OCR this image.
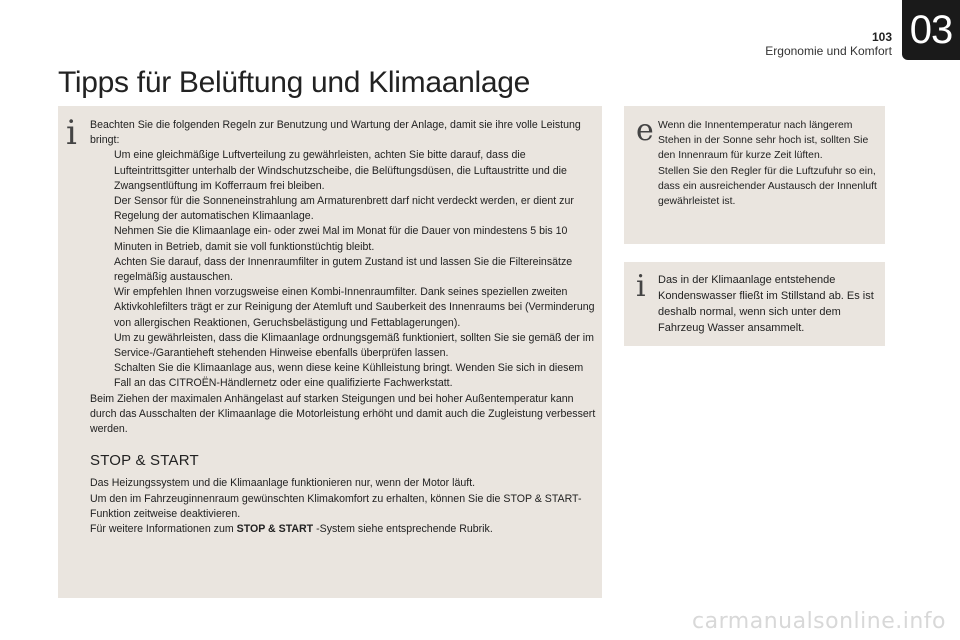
103
Ergonomie und Komfort 03
Tipps für Belüftung und Klimaanlage
i Beachten Sie die folgenden Regeln zur Benutzung und Wartung der Anlage, damit sie ihre volle Leistung bringt:

Um eine gleichmäßige Luftverteilung zu gewährleisten, achten Sie bitte darauf, dass die Lufteintrittsgitter unterhalb der Windschutzscheibe, die Belüftungsdüsen, die Luftaustritte und die Zwangsentlüftung im Kofferraum frei bleiben.
Der Sensor für die Sonneneinstrahlung am Armaturenbrett darf nicht verdeckt werden, er dient zur Regelung der automatischen Klimaanlage.
Nehmen Sie die Klimaanlage ein- oder zwei Mal im Monat für die Dauer von mindestens 5 bis 10 Minuten in Betrieb, damit sie voll funktionstüchtig bleibt.
Achten Sie darauf, dass der Innenraumfilter in gutem Zustand ist und lassen Sie die Filtereinsätze regelmäßig austauschen.
Wir empfehlen Ihnen vorzugsweise einen Kombi-Innenraumfilter. Dank seines speziellen zweiten Aktivkohlefilters trägt er zur Reinigung der Atemluft und Sauberkeit des Innenraums bei (Verminderung von allergischen Reaktionen, Geruchsbelästigung und Fettablagerungen).
Um zu gewährleisten, dass die Klimaanlage ordnungsgemäß funktioniert, sollten Sie sie gemäß der im Service-/Garantieheft stehenden Hinweise ebenfalls überprüfen lassen.
Schalten Sie die Klimaanlage aus, wenn diese keine Kühlleistung bringt. Wenden Sie sich in diesem Fall an das CITROËN-Händlernetz oder eine qualifizierte Fachwerkstatt.

Beim Ziehen der maximalen Anhängelast auf starken Steigungen und bei hoher Außentemperatur kann durch das Ausschalten der Klimaanlage die Motorleistung erhöht und damit auch die Zugleistung verbessert werden.

STOP & START

Das Heizungssystem und die Klimaanlage funktionieren nur, wenn der Motor läuft.

Um den im Fahrzeuginnenraum gewünschten Klimakomfort zu erhalten, können Sie die STOP & START-Funktion zeitweise deaktivieren.

Für weitere Informationen zum STOP & START -System siehe entsprechende Rubrik.

e Wenn die Innentemperatur nach längerem Stehen in der Sonne sehr hoch ist, sollten Sie den Innenraum für kurze Zeit lüften.
Stellen Sie den Regler für die Luftzufuhr so ein, dass ein ausreichender Austausch der Innenluft gewährleistet ist.
i Das in der Klimaanlage entstehende Kondenswasser fließt im Stillstand ab. Es ist deshalb normal, wenn sich unter dem Fahrzeug Wasser ansammelt.
carmanualsonline.info
